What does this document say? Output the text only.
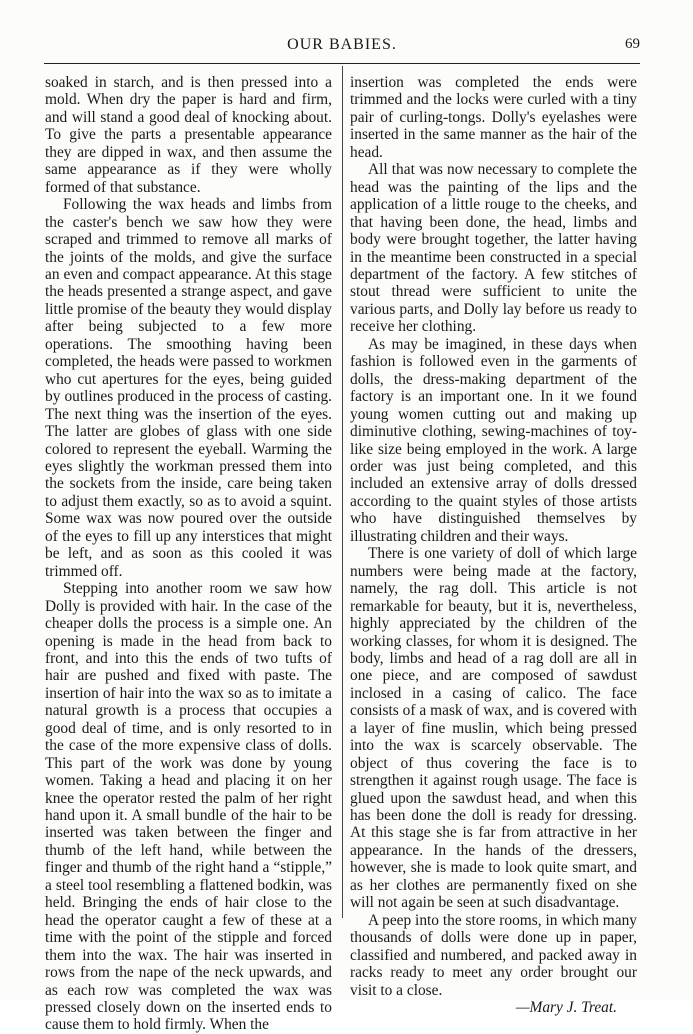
OUR BABIES.	69

soaked in starch, and is then pressed into a mold. When dry the paper is hard and firm, and will stand a good deal of knocking about. To give the parts a presentable appearance they are dipped in wax, and then assume the same appearance as if they were wholly formed of that substance.

Following the wax heads and limbs from the caster's bench we saw how they were scraped and trimmed to remove all marks of the joints of the molds, and give the surface an even and compact appearance. At this stage the heads presented a strange aspect, and gave little promise of the beauty they would display after being subjected to a few more operations. The smoothing having been completed, the heads were passed to workmen who cut apertures for the eyes, being guided by outlines produced in the process of casting. The next thing was the insertion of the eyes. The latter are globes of glass with one side colored to represent the eyeball. Warming the eyes slightly the workman pressed them into the sockets from the inside, care being taken to adjust them exactly, so as to avoid a squint. Some wax was now poured over the outside of the eyes to fill up any interstices that might be left, and as soon as this cooled it was trimmed off.

Stepping into another room we saw how Dolly is provided with hair. In the case of the cheaper dolls the process is a simple one. An opening is made in the head from back to front, and into this the ends of two tufts of hair are pushed and fixed with paste. The insertion of hair into the wax so as to imitate a natural growth is a process that occupies a good deal of time, and is only resorted to in the case of the more expensive class of dolls. This part of the work was done by young women. Taking a head and placing it on her knee the operator rested the palm of her right hand upon it. A small bundle of the hair to be inserted was taken between the finger and thumb of the left hand, while between the finger and thumb of the right hand a “stipple,” a steel tool resembling a flattened bodkin, was held. Bringing the ends of hair close to the head the operator caught a few of these at a time with the point of the stipple and forced them into the wax. The hair was inserted in rows from the nape of the neck upwards, and as each row was completed the wax was pressed closely down on the inserted ends to cause them to hold firmly. When the

insertion was completed the ends were trimmed and the locks were curled with a tiny pair of curling-tongs. Dolly's eyelashes were inserted in the same manner as the hair of the head.

All that was now necessary to complete the head was the painting of the lips and the application of a little rouge to the cheeks, and that having been done, the head, limbs and body were brought together, the latter having in the meantime been constructed in a special department of the factory. A few stitches of stout thread were sufficient to unite the various parts, and Dolly lay before us ready to receive her clothing.

As may be imagined, in these days when fashion is followed even in the garments of dolls, the dress-making department of the factory is an important one. In it we found young women cutting out and making up diminutive clothing, sewing-machines of toy-like size being employed in the work. A large order was just being completed, and this included an extensive array of dolls dressed according to the quaint styles of those artists who have distinguished themselves by illustrating children and their ways.

There is one variety of doll of which large numbers were being made at the factory, namely, the rag doll. This article is not remarkable for beauty, but it is, nevertheless, highly appreciated by the children of the working classes, for whom it is designed. The body, limbs and head of a rag doll are all in one piece, and are composed of sawdust inclosed in a casing of calico. The face consists of a mask of wax, and is covered with a layer of fine muslin, which being pressed into the wax is scarcely observable. The object of thus covering the face is to strengthen it against rough usage. The face is glued upon the sawdust head, and when this has been done the doll is ready for dressing. At this stage she is far from attractive in her appearance. In the hands of the dressers, however, she is made to look quite smart, and as her clothes are permanently fixed on she will not again be seen at such disadvantage.

A peep into the store rooms, in which many thousands of dolls were done up in paper, classified and numbered, and packed away in racks ready to meet any order brought our visit to a close.

—Mary J. Treat.
